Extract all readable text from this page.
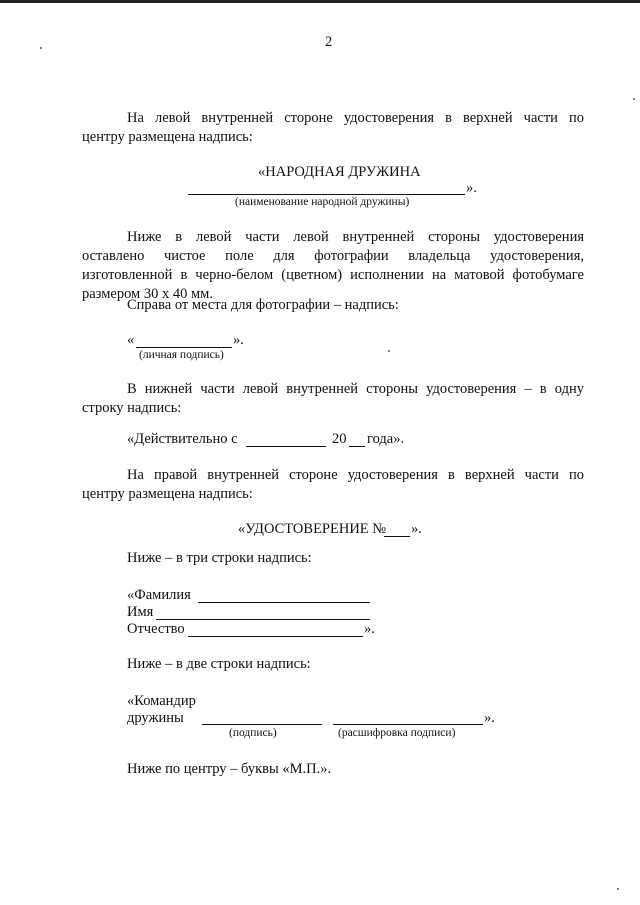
2
На левой внутренней стороне удостоверения в верхней части по
центру размещена надпись:
«НАРОДНАЯ ДРУЖИНА
».
(наименование народной дружины)
Ниже в левой части левой внутренней стороны удостоверения
оставлено чистое поле для фотографии владельца удостоверения,
изготовленной в черно-белом (цветном) исполнении на матовой фотобумаге
размером 30 х 40 мм.
Справа от места для фотографии – надпись:
«	».
(личная подпись)
В нижней части левой внутренней стороны удостоверения – в одну
строку надпись:
«Действительно с	20 года».
На правой внутренней стороне удостоверения в верхней части по
центру размещена надпись:
«УДОСТОВЕРЕНИЕ № ».
Ниже – в три строки надпись:
«Фамилия
Имя
Отчество	».
Ниже – в две строки надпись:
«Командир
дружины	».
(подпись)	(расшифровка подписи)
Ниже по центру – буквы «М.П.».
